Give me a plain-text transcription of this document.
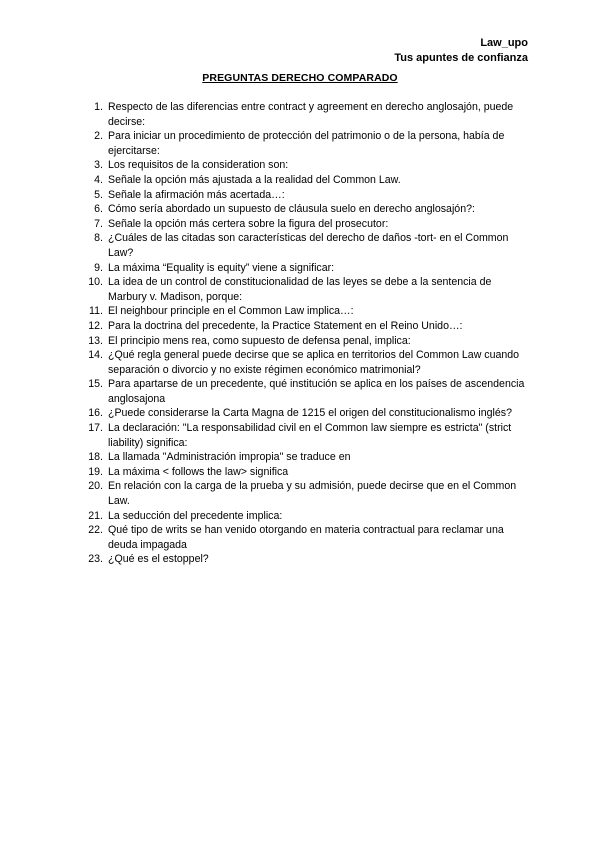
Law_upo
Tus apuntes de confianza
PREGUNTAS DERECHO COMPARADO
1 . Respecto de las diferencias entre contract y agreement en derecho anglosajón, puede decirse:
2 . Para iniciar un procedimiento de protección del patrimonio o de la persona, había de ejercitarse:
3 . Los requisitos de la consideration son:
4 . Señale la opción más ajustada a la realidad del Common Law.
5 . Señale la afirmación más acertada…:
6 . Cómo sería abordado un supuesto de cláusula suelo en derecho anglosajón?:
7 . Señale la opción más certera sobre la figura del prosecutor:
8 . ¿Cuáles de las citadas son características del derecho de daños -tort- en el Common Law?
9 . La máxima “Equality is equity” viene a significar:
10 . La idea de un control de constitucionalidad de las leyes se debe a la sentencia de Marbury v. Madison, porque:
11 . El neighbour principle en el Common Law implica…:
12 . Para la doctrina del precedente, la Practice Statement en el Reino Unido…:
13 . El principio mens rea, como supuesto de defensa penal, implica:
14 . ¿Qué regla general puede decirse que se aplica en territorios del Common Law cuando separación o divorcio y no existe régimen económico matrimonial?
15 . Para apartarse de un precedente, qué institución se aplica en los países de ascendencia anglosajona
16 . ¿Puede considerarse la Carta Magna de 1215 el origen del constitucionalismo inglés?
17 . La declaración: "La responsabilidad civil en el Common law siempre es estricta" (strict liability) significa:
18 . La llamada "Administración impropia" se traduce en
19 . La máxima < follows the law> significa
20 . En relación con la carga de la prueba y su admisión, puede decirse que en el Common Law.
21 . La seducción del precedente implica:
22 . Qué tipo de writs se han venido otorgando en materia contractual para reclamar una deuda impagada
23 . ¿Qué es el estoppel?
